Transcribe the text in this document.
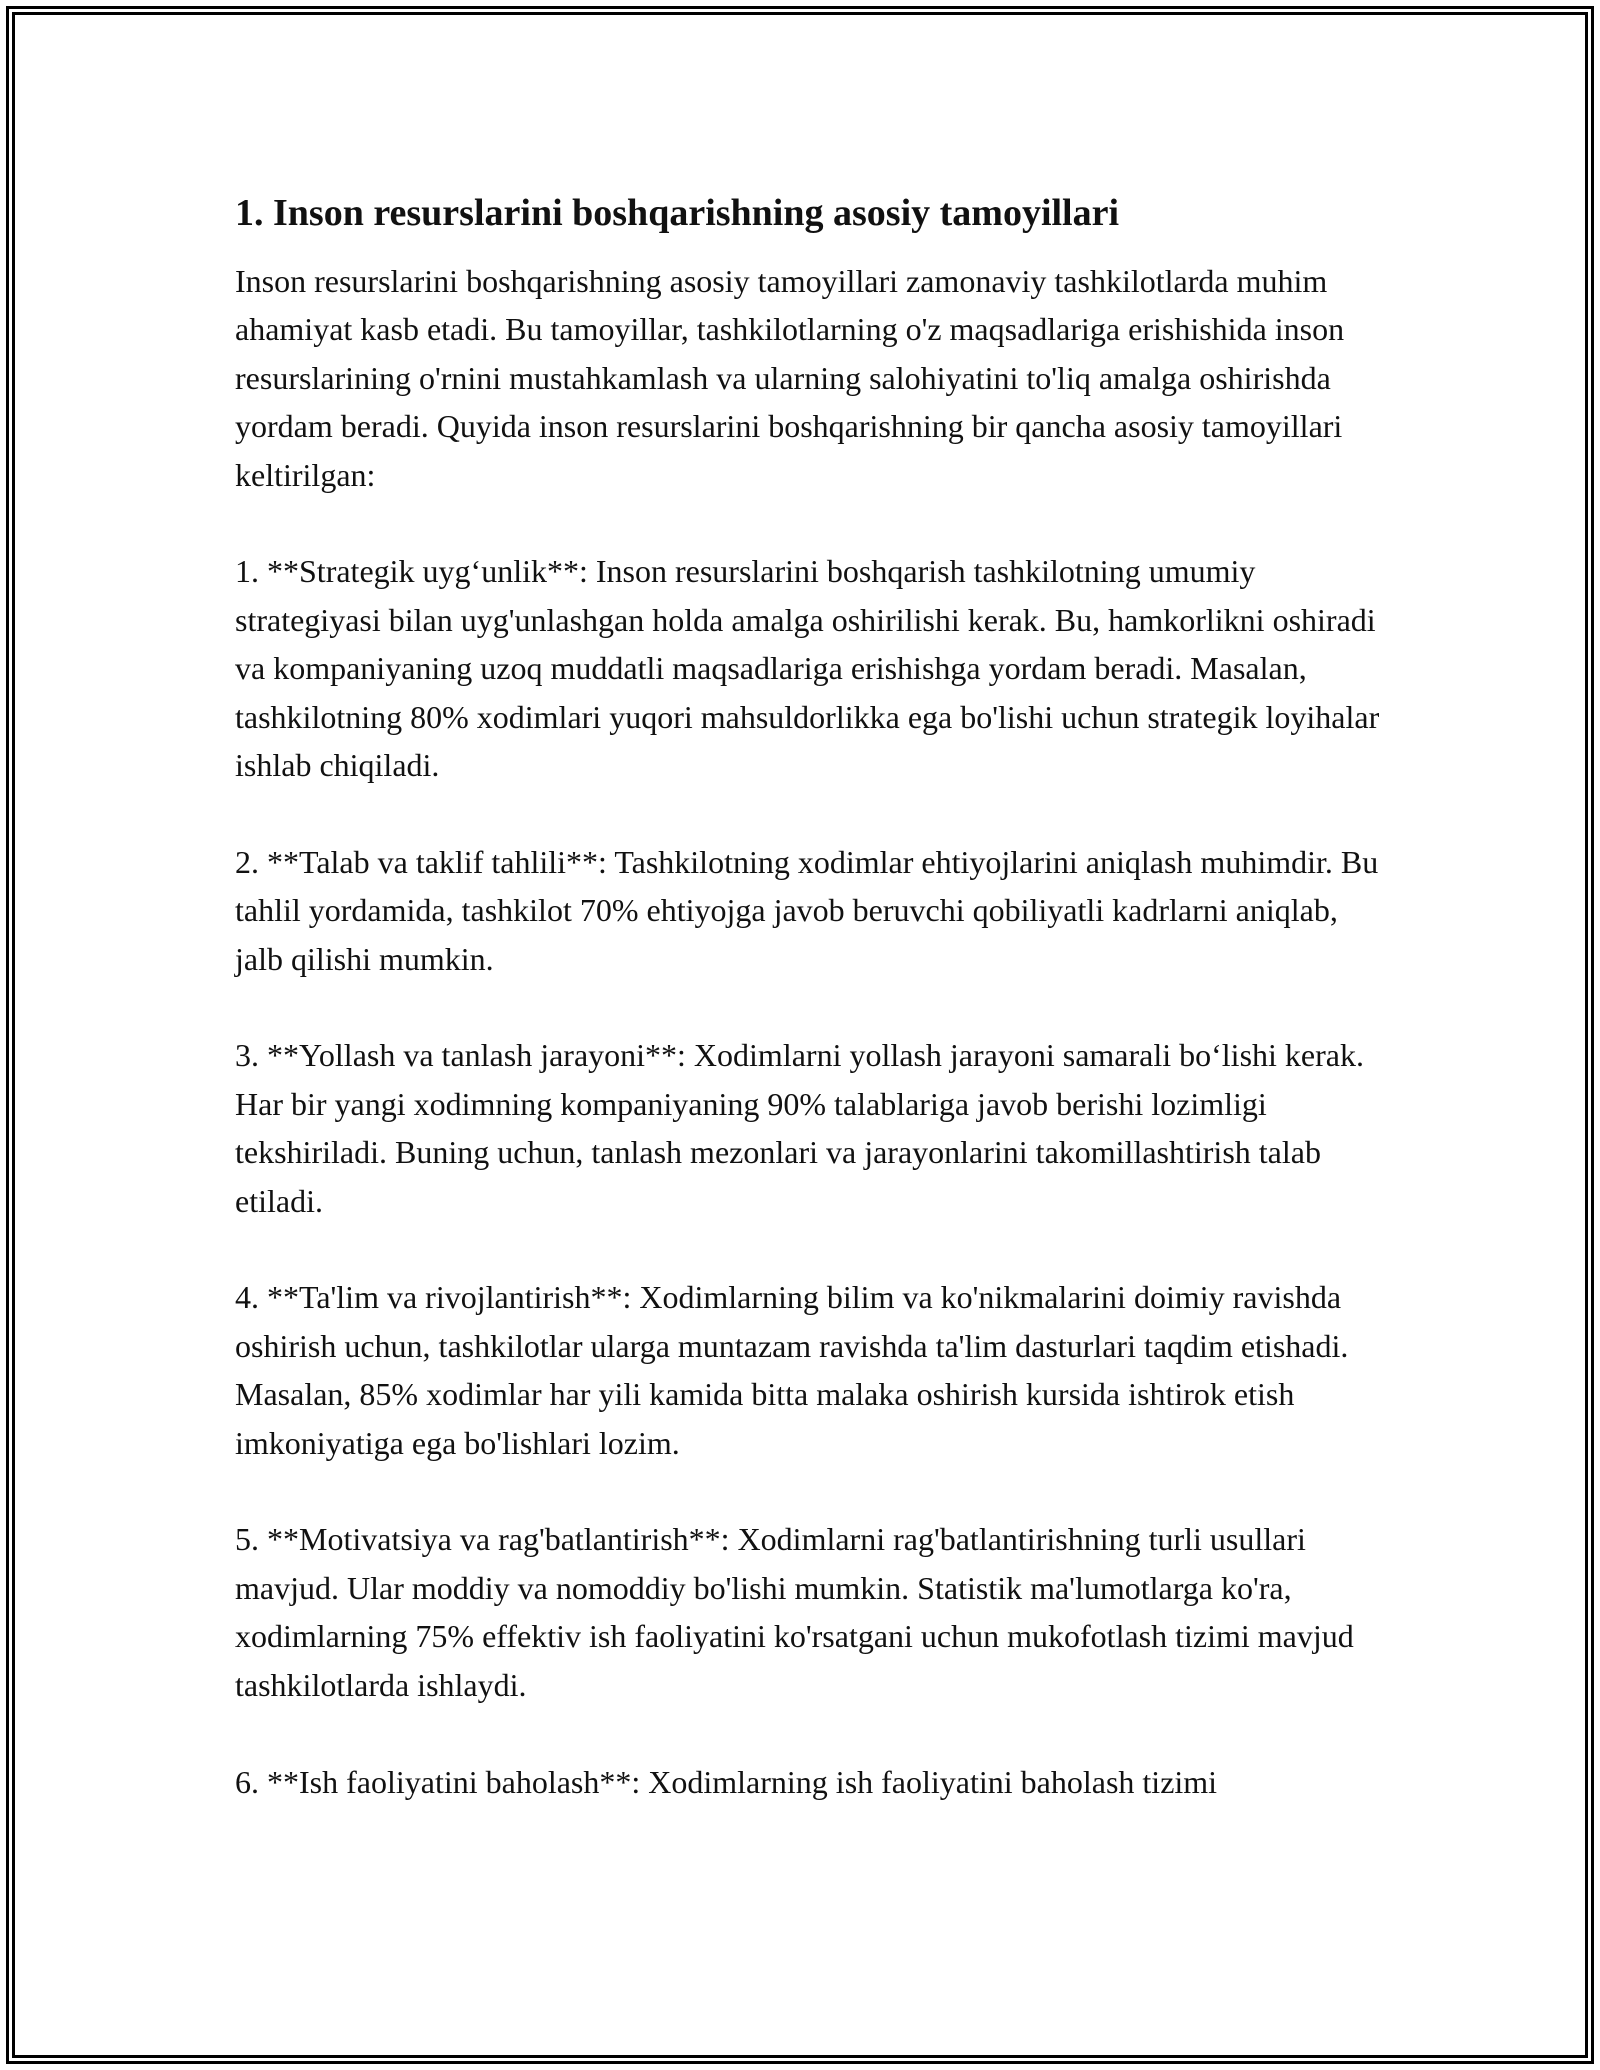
1. Inson resurslarini boshqarishning asosiy tamoyillari

Inson resurslarini boshqarishning asosiy tamoyillari zamonaviy tashkilotlarda muhim ahamiyat kasb etadi. Bu tamoyillar, tashkilotlarning o'z maqsadlariga erishishida inson resurslarining o'rnini mustahkamlash va ularning salohiyatini to'liq amalga oshirishda yordam beradi. Quyida inson resurslarini boshqarishning bir qancha asosiy tamoyillari keltirilgan:

1. **Strategik uyg‘unlik**: Inson resurslarini boshqarish tashkilotning umumiy strategiyasi bilan uyg'unlashgan holda amalga oshirilishi kerak. Bu, hamkorlikni oshiradi va kompaniyaning uzoq muddatli maqsadlariga erishishga yordam beradi. Masalan, tashkilotning 80% xodimlari yuqori mahsuldorlikka ega bo'lishi uchun strategik loyihalar ishlab chiqiladi.

2. **Talab va taklif tahlili**: Tashkilotning xodimlar ehtiyojlarini aniqlash muhimdir. Bu tahlil yordamida, tashkilot 70% ehtiyojga javob beruvchi qobiliyatli kadrlarni aniqlab, jalb qilishi mumkin.

3. **Yollash va tanlash jarayoni**: Xodimlarni yollash jarayoni samarali bo‘lishi kerak. Har bir yangi xodimning kompaniyaning 90% talablariga javob berishi lozimligi tekshiriladi. Buning uchun, tanlash mezonlari va jarayonlarini takomillashtirish talab etiladi.

4. **Ta'lim va rivojlantirish**: Xodimlarning bilim va ko'nikmalarini doimiy ravishda oshirish uchun, tashkilotlar ularga muntazam ravishda ta'lim dasturlari taqdim etishadi. Masalan, 85% xodimlar har yili kamida bitta malaka oshirish kursida ishtirok etish imkoniyatiga ega bo'lishlari lozim.

5. **Motivatsiya va rag'batlantirish**: Xodimlarni rag'batlantirishning turli usullari mavjud. Ular moddiy va nomoddiy bo'lishi mumkin. Statistik ma'lumotlarga ko'ra, xodimlarning 75% effektiv ish faoliyatini ko'rsatgani uchun mukofotlash tizimi mavjud tashkilotlarda ishlaydi.

6. **Ish faoliyatini baholash**: Xodimlarning ish faoliyatini baholash tizimi
